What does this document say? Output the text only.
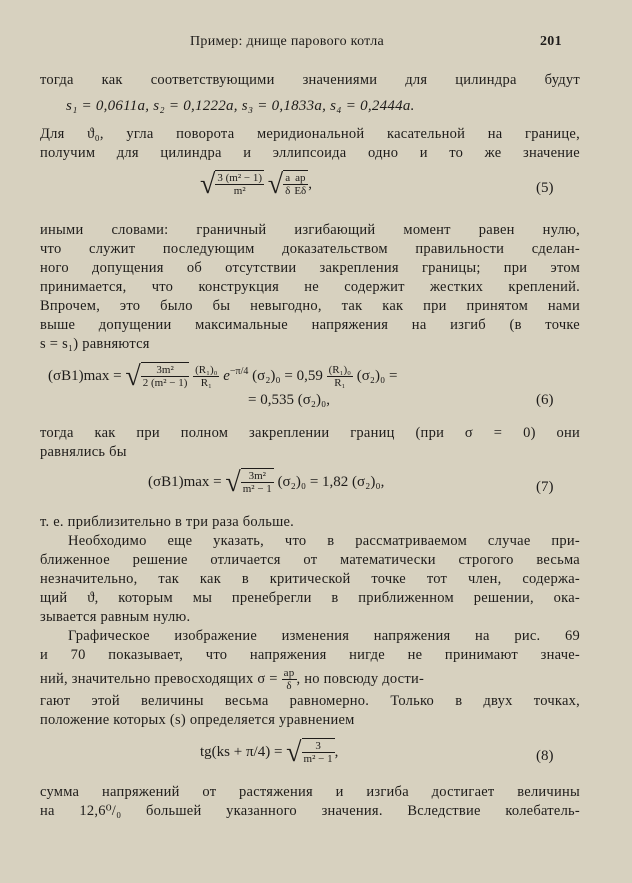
Пример: днище парового котла	201
тогда как соответствующими значениями для цилиндра будут
s₁ = 0,0611a, s₂ = 0,1222a, s₃ = 0,1833a, s₄ = 0,2444a.
Для ϑ₀, угла поворота меридиональной касательной на границе,
получим для цилиндра и эллипсоида одно и то же значение
√ $\frac{\text{3 (m² − 1)}}{\text{m²}}$ √ $\frac{a}{\delta} \frac{ap}{E\delta}$ ,	(5)
иными словами: граничный изгибающий момент равен нулю,
что служит последующим доказательством правильности сделан-
ного допущения об отсутствии закрепления границы; при этом
принимается, что конструкция не содержит жестких креплений.
Впрочем, это было бы невыгодно, так как при принятом нами
выше допущении максимальные напряжения на изгиб (в точке
s = s₁) равняются
(σB1)max = √ $\frac{\text{3m²}}{\text{2 (m² − 1)}}$
$\frac{\text{(R₁)₀}}{\text{R₁}} e^{-\pi/4}$ $(\sigma_2)_0 = 0,59 \frac{\text{(R₁)₀}}{\text{R₁}} (\sigma_2)_0$ =
= 0,535 (σ₂)₀,	(6)
тогда как при полном закреплении границ (при σ = 0) они
равнялись бы
(σB1)max = √ $\frac{\text{3m²}}{\text{m² − 1}} (\sigma_2)_0 = 1,82$ (σ₂)₀,	(7)
т. е. приблизительно в три раза больше.
Необходимо еще указать, что в рассматриваемом случае при-
ближенное решение отличается от математически строгого весьма
незначительно, так как в критической точке тот член, содержа-
щий ϑ, которым мы пренебрегли в приближенном решении, ока-
зывается равным нулю.
Графическое изображение изменения напряжения на рис. 69
и 70 показывает, что напряжения нигде не принимают значе-
ний, значительно превосходящих $\sigma = \frac{ap}{\delta}$ , но повсюду дости-
гают этой величины весьма равномерно. Только в двух точках,
положение которых (s) определяется уравнением
tg(ks + π/4) = √ $\frac{3}{\text{m² − 1}}$ ,	(8)
сумма напряжений от растяжения и изгиба достигает величины
на 12,6⁰/₀ большей указанного значения. Вследствие колебатель-
